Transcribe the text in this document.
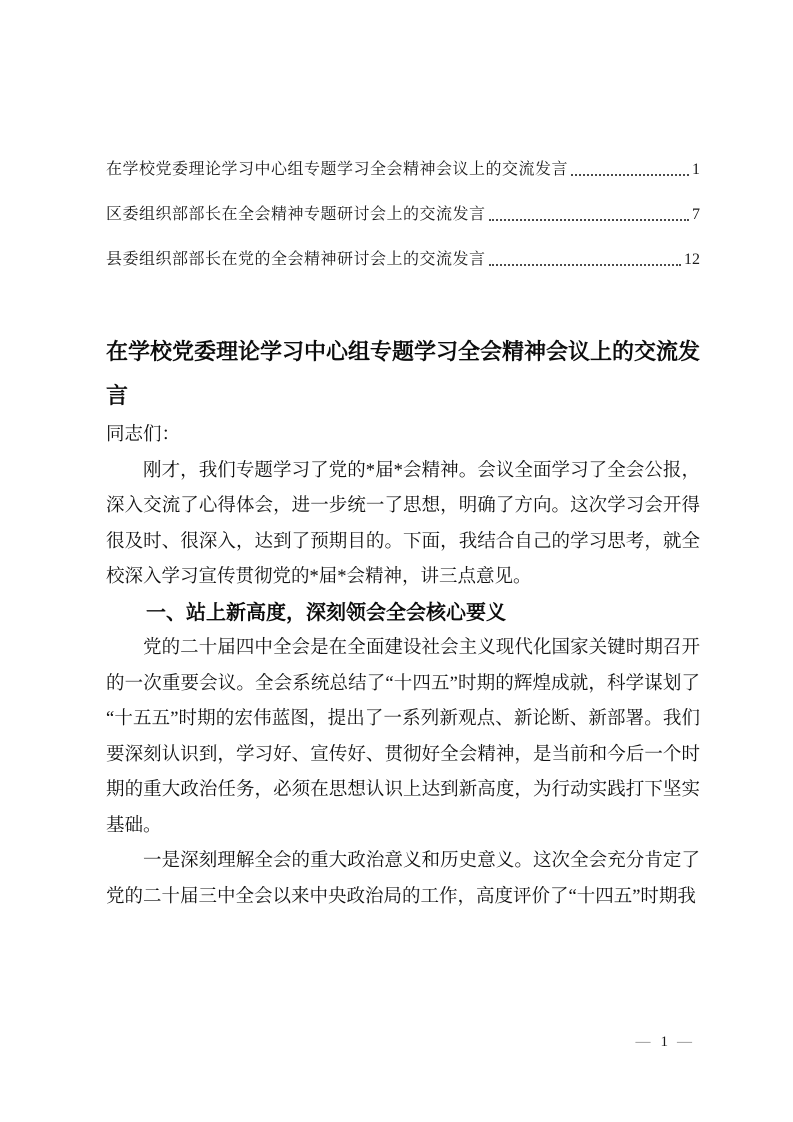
在学校党委理论学习中心组专题学习全会精神会议上的交流发言	1
区委组织部部长在全会精神专题研讨会上的交流发言	7
县委组织部部长在党的全会精神研讨会上的交流发言	12
在学校党委理论学习中心组专题学习全会精神会议上的交流发言

同志们：

刚才，我们专题学习了党的*届*会精神。会议全面学习了全会公报，深入交流了心得体会，进一步统一了思想，明确了方向。这次学习会开得很及时、很深入，达到了预期目的。下面，我结合自己的学习思考，就全校深入学习宣传贯彻党的*届*会精神，讲三点意见。

一、站上新高度，深刻领会全会核心要义

党的二十届四中全会是在全面建设社会主义现代化国家关键时期召开的一次重要会议。全会系统总结了“十四五”时期的辉煌成就，科学谋划了“十五五”时期的宏伟蓝图，提出了一系列新观点、新论断、新部署。我们要深刻认识到，学习好、宣传好、贯彻好全会精神，是当前和今后一个时期的重大政治任务，必须在思想认识上达到新高度，为行动实践打下坚实基础。

一是深刻理解全会的重大政治意义和历史意义。这次全会充分肯定了党的二十届三中全会以来中央政治局的工作，高度评价了“十四五”时期我

— 1 —
